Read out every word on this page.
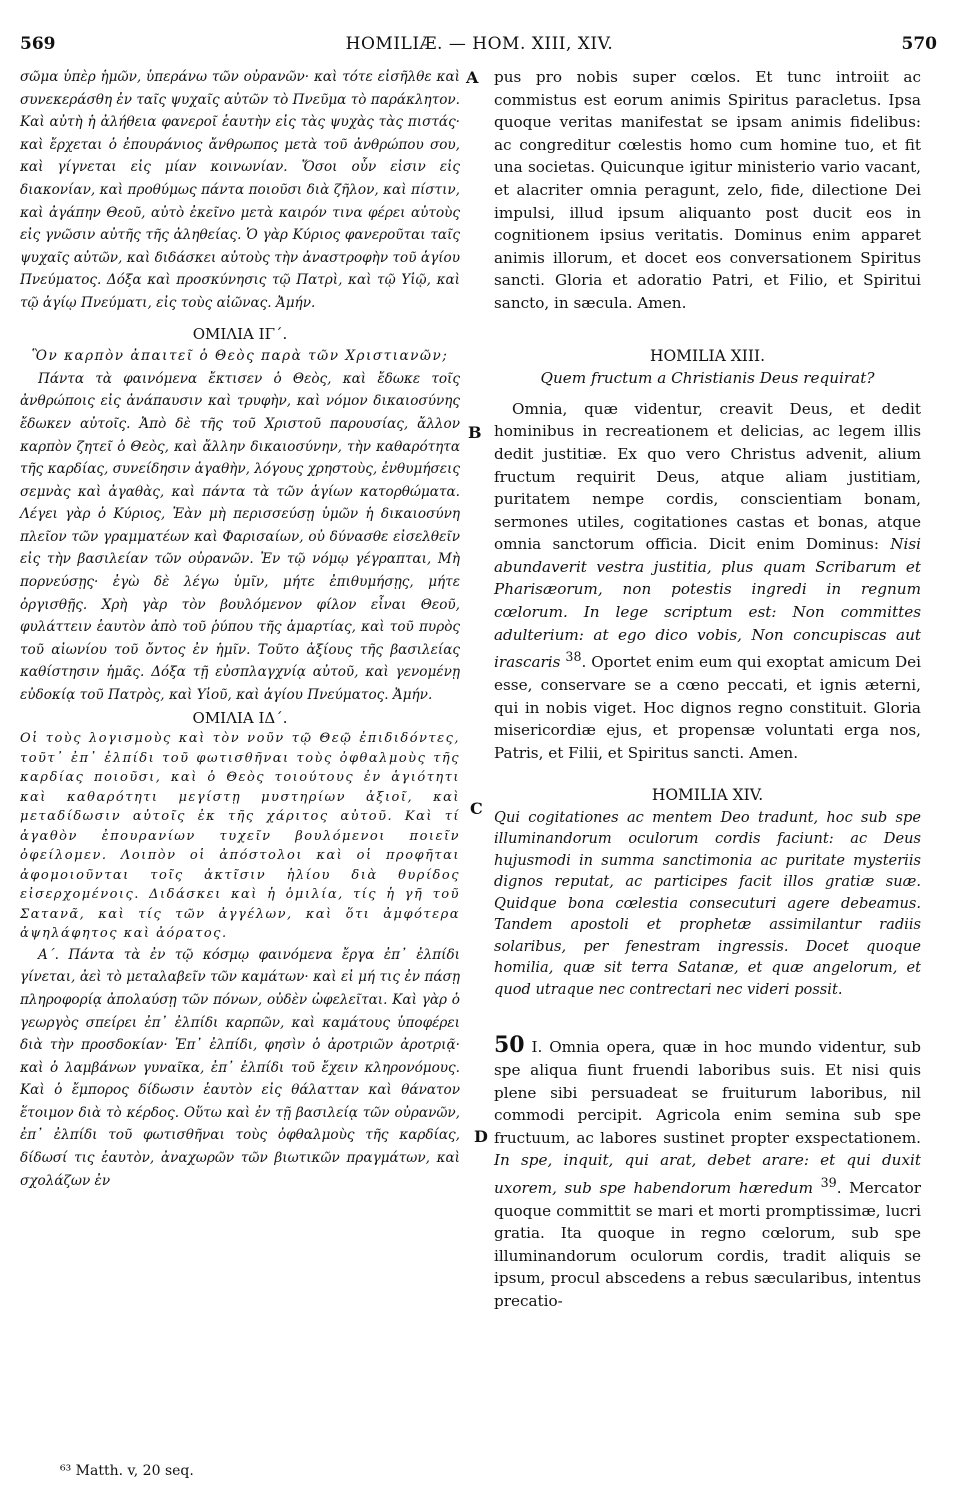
569	HOMILIÆ. — HOM. XIII, XIV.	570

σῶμα ὑπὲρ ἡμῶν, ὑπεράνω τῶν οὐρανῶν· καὶ τότε εἰσῆλθε καὶ συνεκεράσθη ἐν ταῖς ψυχαῖς αὐτῶν τὸ Πνεῦμα τὸ παράκλητον. Καὶ αὐτὴ ἡ ἀλήθεια φανεροῖ ἑαυτὴν εἰς τὰς ψυχὰς τὰς πιστάς· καὶ ἔρχεται ὁ ἐπουράνιος ἄνθρωπος μετὰ τοῦ ἀνθρώπου σου, καὶ γίγνεται εἰς μίαν κοινωνίαν. Ὅσοι οὖν εἰσιν εἰς διακονίαν, καὶ προθύμως πάντα ποιοῦσι διὰ ζῆλον, καὶ πίστιν, καὶ ἀγάπην Θεοῦ, αὐτὸ ἐκεῖνο μετὰ καιρόν τινα φέρει αὐτοὺς εἰς γνῶσιν αὐτῆς τῆς ἀληθείας. Ὁ γὰρ Κύριος φανεροῦται ταῖς ψυχαῖς αὐτῶν, καὶ διδάσκει αὐτοὺς τὴν ἀναστροφὴν τοῦ ἁγίου Πνεύματος. Δόξα καὶ προσκύνησις τῷ Πατρὶ, καὶ τῷ Υἱῷ, καὶ τῷ ἁγίῳ Πνεύματι, εἰς τοὺς αἰῶνας. Ἀμήν.

ΟΜΙΛΙΑ ΙΓ΄.

Ὃν καρπὸν ἀπαιτεῖ ὁ Θεὸς παρὰ τῶν Χριστιανῶν;

Πάντα τὰ φαινόμενα ἔκτισεν ὁ Θεὸς, καὶ ἔδωκε τοῖς ἀνθρώποις εἰς ἀνάπαυσιν καὶ τρυφὴν, καὶ νόμον δικαιοσύνης ἔδωκεν αὐτοῖς. Ἀπὸ δὲ τῆς τοῦ Χριστοῦ παρουσίας, ἄλλον καρπὸν ζητεῖ ὁ Θεὸς, καὶ ἄλλην δικαιοσύνην, τὴν καθαρότητα τῆς καρδίας, συνείδησιν ἀγαθὴν, λόγους χρηστοὺς, ἐνθυμήσεις σεμνὰς καὶ ἀγαθὰς, καὶ πάντα τὰ τῶν ἁγίων κατορθώματα. Λέγει γὰρ ὁ Κύριος, Ἐὰν μὴ περισσεύσῃ ὑμῶν ἡ δικαιοσύνη πλεῖον τῶν γραμματέων καὶ Φαρισαίων, οὐ δύνασθε εἰσελθεῖν εἰς τὴν βασιλείαν τῶν οὐρανῶν. Ἐν τῷ νόμῳ γέγραπται, Μὴ πορνεύσῃς· ἐγὼ δὲ λέγω ὑμῖν, μήτε ἐπιθυμήσῃς, μήτε ὀργισθῇς. Χρὴ γὰρ τὸν βουλόμενον φίλον εἶναι Θεοῦ, φυλάττειν ἑαυτὸν ἀπὸ τοῦ ῥύπου τῆς ἁμαρτίας, καὶ τοῦ πυρὸς τοῦ αἰωνίου τοῦ ὄντος ἐν ἡμῖν. Τοῦτο ἀξίους τῆς βασιλείας καθίστησιν ἡμᾶς. Δόξα τῇ εὐσπλαγχνίᾳ αὐτοῦ, καὶ γενομένῃ εὐδοκίᾳ τοῦ Πατρὸς, καὶ Υἱοῦ, καὶ ἁγίου Πνεύματος. Ἀμήν.

ΟΜΙΛΙΑ ΙΔ΄.

Οἱ τοὺς λογισμοὺς καὶ τὸν νοῦν τῷ Θεῷ ἐπιδιδόντες, τοῦτ᾽ ἐπ᾽ ἐλπίδι τοῦ φωτισθῆναι τοὺς ὀφθαλμοὺς τῆς καρδίας ποιοῦσι, καὶ ὁ Θεὸς τοιούτους ἐν ἁγιότητι καὶ καθαρότητι μεγίστῃ μυστηρίων ἀξιοῖ, καὶ μεταδίδωσιν αὐτοῖς ἐκ τῆς χάριτος αὐτοῦ. Καὶ τί ἀγαθὸν ἐπουρανίων τυχεῖν βουλόμενοι ποιεῖν ὀφείλομεν. Λοιπὸν οἱ ἀπόστολοι καὶ οἱ προφῆται ἀφομοιοῦνται τοῖς ἀκτῖσιν ἡλίου διὰ θυρίδος εἰσερχομένοις. Διδάσκει καὶ ἡ ὁμιλία, τίς ἡ γῆ τοῦ Σατανᾶ, καὶ τίς τῶν ἀγγέλων, καὶ ὅτι ἀμφότερα ἀψηλάφητος καὶ ἀόρατος.

Α΄. Πάντα τὰ ἐν τῷ κόσμῳ φαινόμενα ἔργα ἐπ᾽ ἐλπίδι γίνεται, ἀεὶ τὸ μεταλαβεῖν τῶν καμάτων· καὶ εἰ μή τις ἐν πάσῃ πληροφορίᾳ ἀπολαύσῃ τῶν πόνων, οὐδὲν ὠφελεῖται. Καὶ γὰρ ὁ γεωργὸς σπείρει ἐπ᾽ ἐλπίδι καρπῶν, καὶ καμάτους ὑποφέρει διὰ τὴν προσδοκίαν· Ἐπ᾽ ἐλπίδι, φησὶν ὁ ἀροτριῶν ἀροτριᾷ· καὶ ὁ λαμβάνων γυναῖκα, ἐπ᾽ ἐλπίδι τοῦ ἔχειν κληρονόμους. Καὶ ὁ ἔμπορος δίδωσιν ἑαυτὸν εἰς θάλατταν καὶ θάνατον ἕτοιμον διὰ τὸ κέρδος. Οὕτω καὶ ἐν τῇ βασιλείᾳ τῶν οὐρανῶν, ἐπ᾽ ἐλπίδι τοῦ φωτισθῆναι τοὺς ὀφθαλμοὺς τῆς καρδίας, δίδωσί τις ἑαυτὸν, ἀναχωρῶν τῶν βιωτικῶν πραγμάτων, καὶ σχολάζων ἐν

A
B
C
D

pus pro nobis super cœlos. Et tunc introiit ac commistus est eorum animis Spiritus paracletus. Ipsa quoque veritas manifestat se ipsam animis fidelibus: ac congreditur cœlestis homo cum homine tuo, et fit una societas. Quicunque igitur ministerio vario vacant, et alacriter omnia peragunt, zelo, fide, dilectione Dei impulsi, illud ipsum aliquanto post ducit eos in cognitionem ipsius veritatis. Dominus enim apparet animis illorum, et docet eos conversationem Spiritus sancti. Gloria et adoratio Patri, et Filio, et Spiritui sancto, in sæcula. Amen.

HOMILIA XIII.

Quem fructum a Christianis Deus requirat?

Omnia, quæ videntur, creavit Deus, et dedit hominibus in recreationem et delicias, ac legem illis dedit justitiæ. Ex quo vero Christus advenit, alium fructum requirit Deus, atque aliam justitiam, puritatem nempe cordis, conscientiam bonam, sermones utiles, cogitationes castas et bonas, atque omnia sanctorum officia. Dicit enim Dominus: Nisi abundaverit vestra justitia, plus quam Scribarum et Pharisæorum, non potestis ingredi in regnum cœlorum. In lege scriptum est: Non committes adulterium: at ego dico vobis, Non concupiscas aut irascaris $^{38}$. Oportet enim eum qui exoptat amicum Dei esse, conservare se a cœno peccati, et ignis æterni, qui in nobis viget. Hoc dignos regno constituit. Gloria misericordiæ ejus, et propensæ voluntati erga nos, Patris, et Filii, et Spiritus sancti. Amen.

HOMILIA XIV.

Qui cogitationes ac mentem Deo tradunt, hoc sub spe illuminandorum oculorum cordis faciunt: ac Deus hujusmodi in summa sanctimonia ac puritate mysteriis dignos reputat, ac participes facit illos gratiæ suæ. Quidque bona cœlestia consecuturi agere debeamus. Tandem apostoli et prophetæ assimilantur radiis solaribus, per fenestram ingressis. Docet quoque homilia, quæ sit terra Satanæ, et quæ angelorum, et quod utraque nec contrectari nec videri possit.

50 I. Omnia opera, quæ in hoc mundo videntur, sub spe aliqua fiunt fruendi laboribus suis. Et nisi quis plene sibi persuadeat se fruiturum laboribus, nil commodi percipit. Agricola enim semina sub spe fructuum, ac labores sustinet propter exspectationem. In spe, inquit, qui arat, debet arare: et qui duxit uxorem, sub spe habendorum hæredum $^{39}$. Mercator quoque committit se mari et morti promptissimæ, lucri gratia. Ita quoque in regno cœlorum, sub spe illuminandorum oculorum cordis, tradit aliquis se ipsum, procul abscedens a rebus sæcularibus, intentus precatio-

⁶³ Matth. v, 20 seq.
